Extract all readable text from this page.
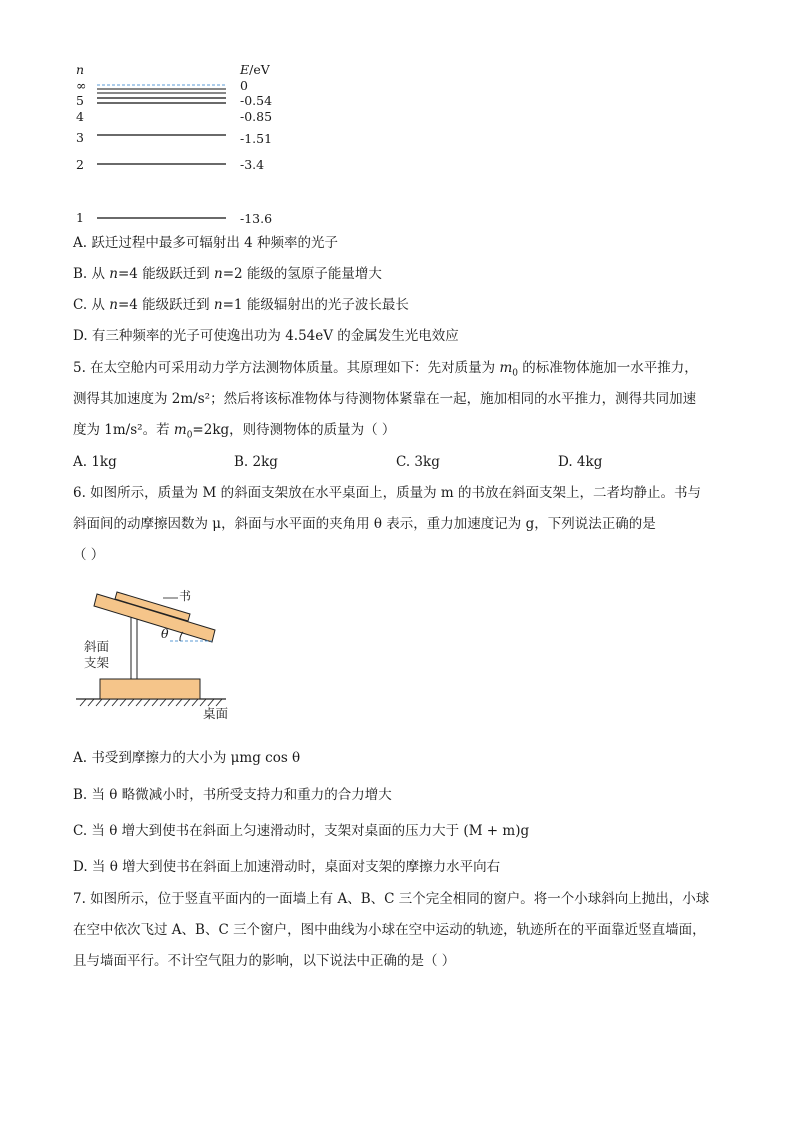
n	E/eV
∞	0
5	-0.54
4	-0.85
3	-1.51
2	-3.4
1	-13.6
A. 跃迁过程中最多可辐射出 4 种频率的光子
B. 从 n=4 能级跃迁到 n=2 能级的氢原子能量增大
C. 从 n=4 能级跃迁到 n=1 能级辐射出的光子波长最长
D. 有三种频率的光子可使逸出功为 4.54eV 的金属发生光电效应
5. 在太空舱内可采用动力学方法测物体质量。其原理如下：先对质量为 $m_0$ 的标准物体施加一水平推力，
测得其加速度为 2m/s²；然后将该标准物体与待测物体紧靠在一起，施加相同的水平推力，测得共同加速
度为 1m/s²。若 $m_0=2kg$，则待测物体的质量为（ ）
A. 1kg	B. 2kg	C. 3kg	D. 4kg
6. 如图所示，质量为 M 的斜面支架放在水平桌面上，质量为 m 的书放在斜面支架上，二者均静止。书与
斜面间的动摩擦因数为 μ，斜面与水平面的夹角用 θ 表示，重力加速度记为 g，下列说法正确的是
（ ）
书
θ
斜面
支架
桌面
A. 书受到摩擦力的大小为 μmg cos θ
B. 当 θ 略微减小时，书所受支持力和重力的合力增大
C. 当 θ 增大到使书在斜面上匀速滑动时，支架对桌面的压力大于 (M + m)g
D. 当 θ 增大到使书在斜面上加速滑动时，桌面对支架的摩擦力水平向右
7. 如图所示，位于竖直平面内的一面墙上有 A、B、C 三个完全相同的窗户。将一个小球斜向上抛出，小球
在空中依次飞过 A、B、C 三个窗户，图中曲线为小球在空中运动的轨迹，轨迹所在的平面靠近竖直墙面，
且与墙面平行。不计空气阻力的影响，以下说法中正确的是（ ）
